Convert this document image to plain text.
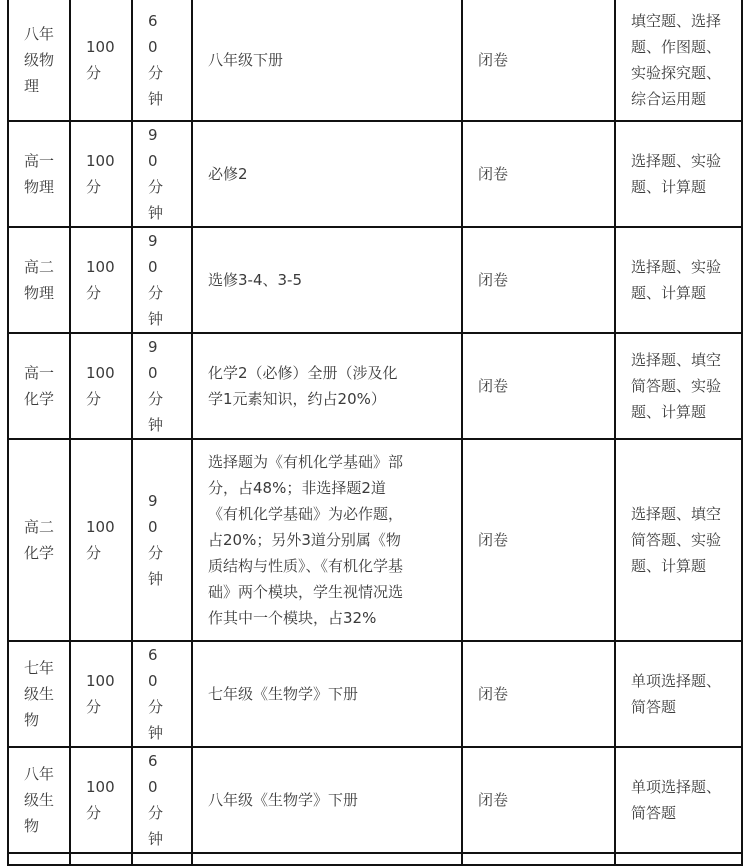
八年级物理	100分	60分钟	八年级下册	闭卷	填空题、选择题、作图题、实验探究题、综合运用题

高一物理	100分	90分钟	必修2	闭卷	选择题、实验题、计算题

高二物理	100分	90分钟	选修3-4、3-5	闭卷	选择题、实验题、计算题

高一化学	100分	90分钟	化学2（必修）全册（涉及化学1元素知识，约占20%）	闭卷	选择题、填空简答题、实验题、计算题

高二化学	100分	90分钟	选择题为《有机化学基础》部分，占48%；非选择题2道《有机化学基础》为必作题，占20%；另外3道分别属《物质结构与性质》、《有机化学基础》两个模块，学生视情况选作其中一个模块，占32%	闭卷	选择题、填空简答题、实验题、计算题

七年级生物	100分	60分钟	七年级《生物学》下册	闭卷	单项选择题、简答题

八年级生物	100分	60分钟	八年级《生物学》下册	闭卷	单项选择题、简答题
